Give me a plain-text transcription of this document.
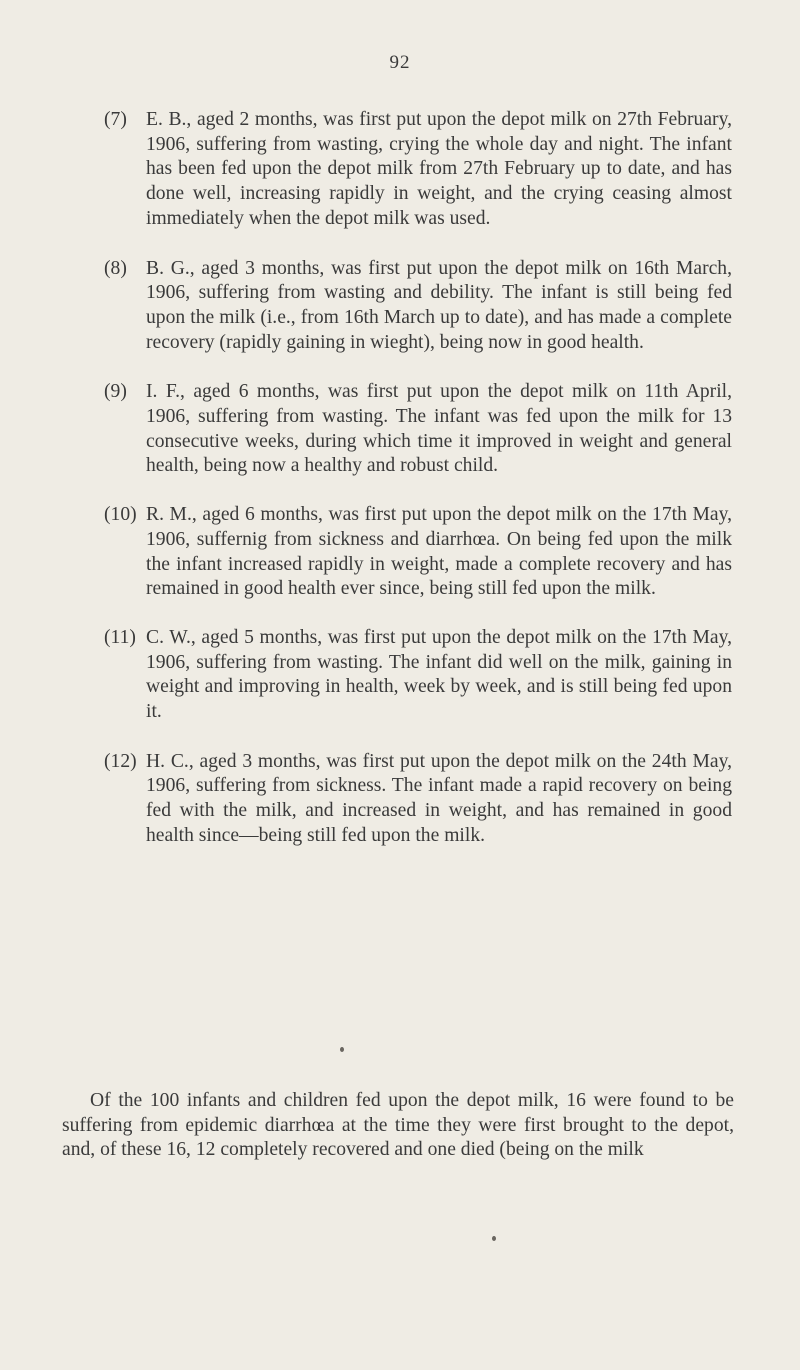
92
(7) E. B., aged 2 months, was first put upon the depot milk on 27th February, 1906, suffering from wasting, crying the whole day and night. The infant has been fed upon the depot milk from 27th February up to date, and has done well, increasing rapidly in weight, and the crying ceasing almost immediately when the depot milk was used.
(8) B. G., aged 3 months, was first put upon the depot milk on 16th March, 1906, suffering from wasting and debility. The infant is still being fed upon the milk (i.e., from 16th March up to date), and has made a complete recovery (rapidly gaining in wieght), being now in good health.
(9) I. F., aged 6 months, was first put upon the depot milk on 11th April, 1906, suffering from wasting. The infant was fed upon the milk for 13 consecutive weeks, during which time it improved in weight and general health, being now a healthy and robust child.
(10) R. M., aged 6 months, was first put upon the depot milk on the 17th May, 1906, suffernig from sickness and diarrhœa. On being fed upon the milk the infant increased rapidly in weight, made a complete recovery and has remained in good health ever since, being still fed upon the milk.
(11) C. W., aged 5 months, was first put upon the depot milk on the 17th May, 1906, suffering from wasting. The infant did well on the milk, gaining in weight and improving in health, week by week, and is still being fed upon it.
(12) H. C., aged 3 months, was first put upon the depot milk on the 24th May, 1906, suffering from sickness. The infant made a rapid recovery on being fed with the milk, and increased in weight, and has remained in good health since—being still fed upon the milk.
Of the 100 infants and children fed upon the depot milk, 16 were found to be suffering from epidemic diarrhœa at the time they were first brought to the depot, and, of these 16, 12 completely recovered and one died (being on the milk
